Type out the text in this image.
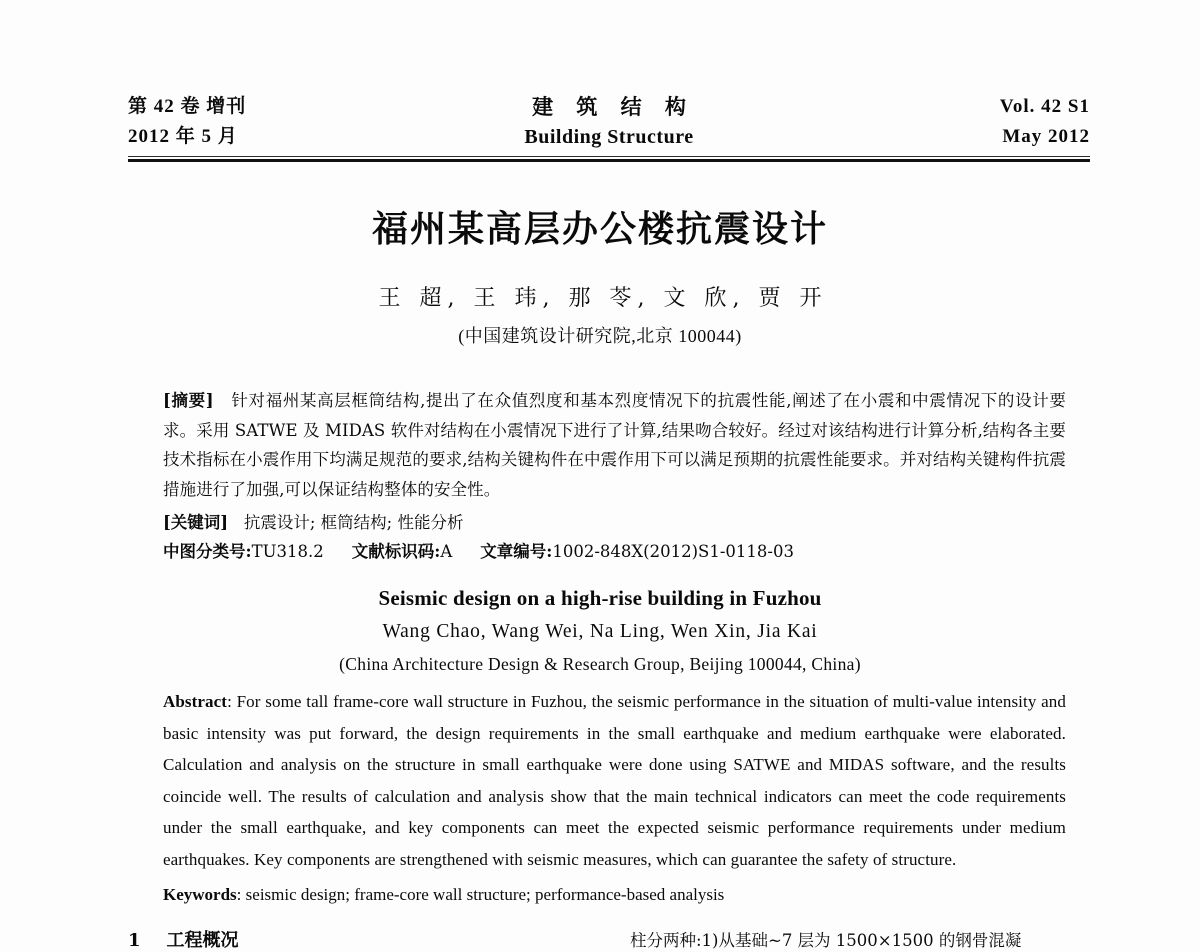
第 42 卷 增刊
2012 年 5 月
建 筑 结 构
Building Structure
Vol. 42 S1
May 2012
福州某高层办公楼抗震设计
王 超, 王 玮, 那 苓, 文 欣, 贾 开
(中国建筑设计研究院,北京 100044)
[摘要] 针对福州某高层框筒结构,提出了在众值烈度和基本烈度情况下的抗震性能,阐述了在小震和中震情况下的设计要求。采用 SATWE 及 MIDAS 软件对结构在小震情况下进行了计算,结果吻合较好。经过对该结构进行计算分析,结构各主要技术指标在小震作用下均满足规范的要求,结构关键构件在中震作用下可以满足预期的抗震性能要求。并对结构关键构件抗震措施进行了加强,可以保证结构整体的安全性。
[关键词] 抗震设计; 框筒结构; 性能分析
中图分类号:TU318.2 文献标识码:A 文章编号:1002-848X(2012)S1-0118-03
Seismic design on a high-rise building in Fuzhou
Wang Chao, Wang Wei, Na Ling, Wen Xin, Jia Kai
(China Architecture Design & Research Group, Beijing 100044, China)
Abstract: For some tall frame-core wall structure in Fuzhou, the seismic performance in the situation of multi-value intensity and basic intensity was put forward, the design requirements in the small earthquake and medium earthquake were elaborated. Calculation and analysis on the structure in small earthquake were done using SATWE and MIDAS software, and the results coincide well. The results of calculation and analysis show that the main technical indicators can meet the code requirements under the small earthquake, and key components can meet the expected seismic performance requirements under medium earthquakes. Key components are strengthened with seismic measures, which can guarantee the safety of structure.
Keywords: seismic design; frame-core wall structure; performance-based analysis
1 工程概况	柱分两种:1)从基础~7 层为 1500×1500 的钢骨混凝
